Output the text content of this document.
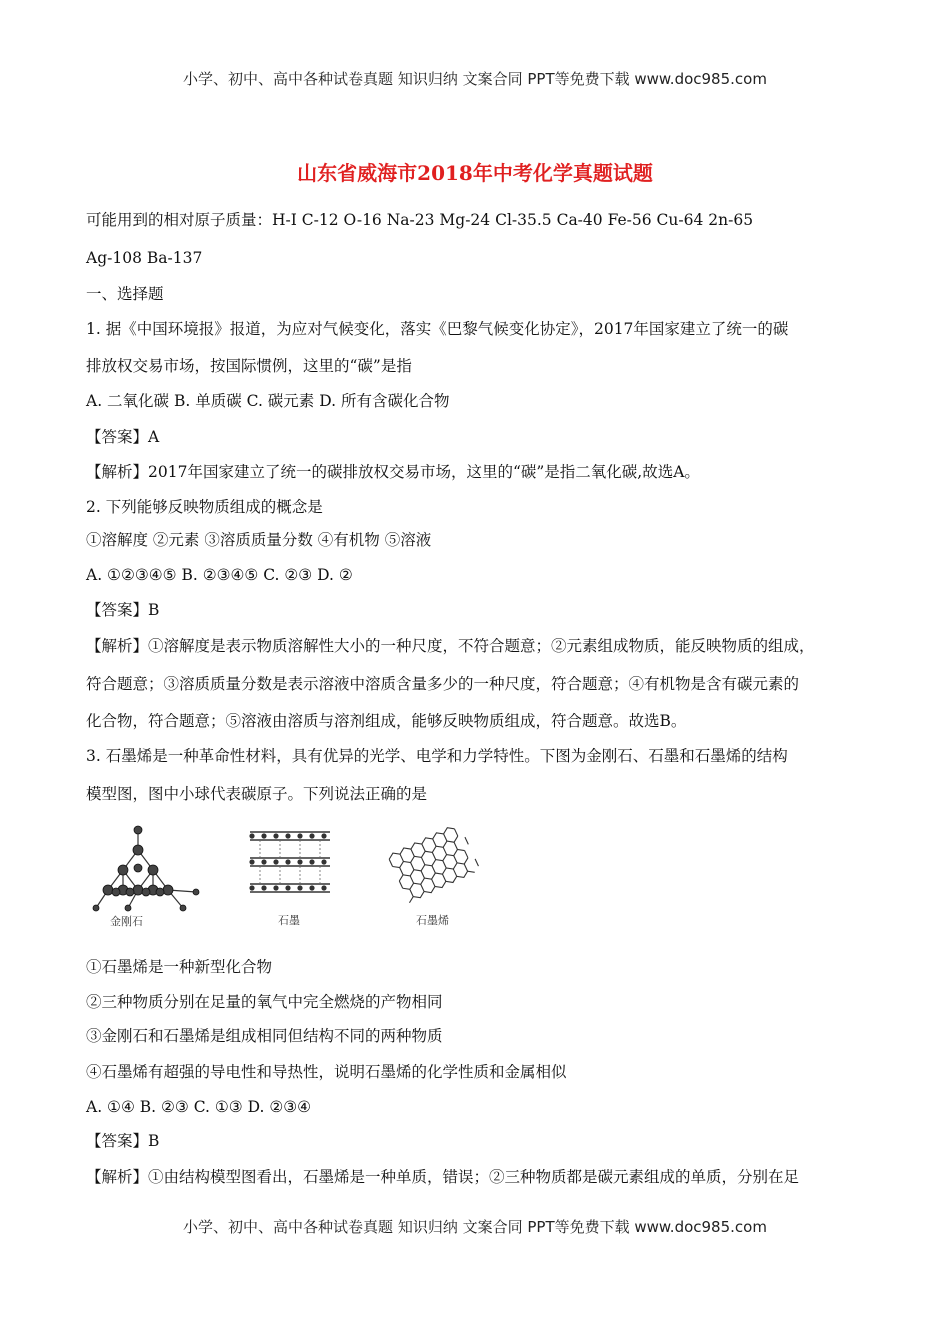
小学、初中、高中各种试卷真题 知识归纳 文案合同 PPT等免费下载 www.doc985.com
山东省威海市2018年中考化学真题试题
可能用到的相对原子质量：H-I C-12 O-16 Na-23 Mg-24 Cl-35.5 Ca-40 Fe-56 Cu-64 2n-65
Ag-108 Ba-137
一、选择题
1. 据《中国环境报》报道，为应对气候变化，落实《巴黎气候变化协定》，2017年国家建立了统一的碳
排放权交易市场，按国际惯例，这里的“碳”是指
A. 二氧化碳 B. 单质碳 C. 碳元素 D. 所有含碳化合物
【答案】A
【解析】2017年国家建立了统一的碳排放权交易市场，这里的“碳”是指二氧化碳,故选A。
2. 下列能够反映物质组成的概念是
①溶解度 ②元素 ③溶质质量分数 ④有机物 ⑤溶液
A. ①②③④⑤ B. ②③④⑤ C. ②③ D. ②
【答案】B
【解析】①溶解度是表示物质溶解性大小的一种尺度，不符合题意；②元素组成物质，能反映物质的组成，
符合题意；③溶质质量分数是表示溶液中溶质含量多少的一种尺度，符合题意；④有机物是含有碳元素的
化合物，符合题意；⑤溶液由溶质与溶剂组成，能够反映物质组成，符合题意。故选B。
3. 石墨烯是一种革命性材料，具有优异的光学、电学和力学特性。下图为金刚石、石墨和石墨烯的结构
模型图，图中小球代表碳原子。下列说法正确的是
金刚石	石墨	石墨烯
①石墨烯是一种新型化合物
②三种物质分别在足量的氧气中完全燃烧的产物相同
③金刚石和石墨烯是组成相同但结构不同的两种物质
④石墨烯有超强的导电性和导热性，说明石墨烯的化学性质和金属相似
A. ①④ B. ②③ C. ①③ D. ②③④
【答案】B
【解析】①由结构模型图看出，石墨烯是一种单质，错误；②三种物质都是碳元素组成的单质，分别在足
小学、初中、高中各种试卷真题 知识归纳 文案合同 PPT等免费下载 www.doc985.com
